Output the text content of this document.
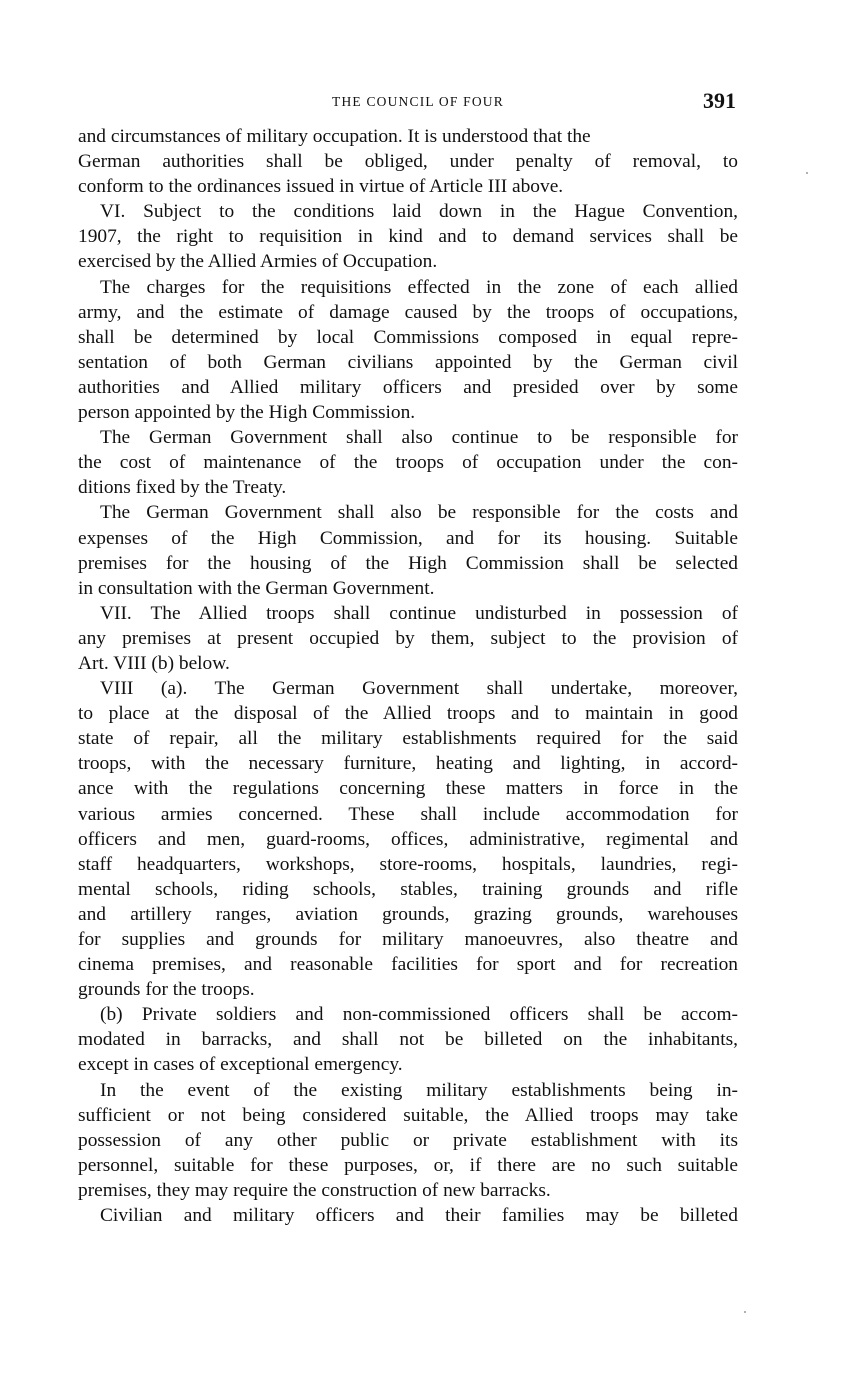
THE COUNCIL OF FOUR	391
and circumstances of military occupation. It is understood that the
German authorities shall be obliged, under penalty of removal, to
conform to the ordinances issued in virtue of Article III above.
VI. Subject to the conditions laid down in the Hague Convention,
1907, the right to requisition in kind and to demand services shall be
exercised by the Allied Armies of Occupation.
The charges for the requisitions effected in the zone of each allied
army, and the estimate of damage caused by the troops of occupations,
shall be determined by local Commissions composed in equal repre-
sentation of both German civilians appointed by the German civil
authorities and Allied military officers and presided over by some
person appointed by the High Commission.
The German Government shall also continue to be responsible for
the cost of maintenance of the troops of occupation under the con-
ditions fixed by the Treaty.
The German Government shall also be responsible for the costs and
expenses of the High Commission, and for its housing. Suitable
premises for the housing of the High Commission shall be selected
in consultation with the German Government.
VII. The Allied troops shall continue undisturbed in possession of
any premises at present occupied by them, subject to the provision of
Art. VIII (b) below.
VIII (a). The German Government shall undertake, moreover,
to place at the disposal of the Allied troops and to maintain in good
state of repair, all the military establishments required for the said
troops, with the necessary furniture, heating and lighting, in accord-
ance with the regulations concerning these matters in force in the
various armies concerned. These shall include accommodation for
officers and men, guard-rooms, offices, administrative, regimental and
staff headquarters, workshops, store-rooms, hospitals, laundries, regi-
mental schools, riding schools, stables, training grounds and rifle
and artillery ranges, aviation grounds, grazing grounds, warehouses
for supplies and grounds for military manoeuvres, also theatre and
cinema premises, and reasonable facilities for sport and for recreation
grounds for the troops.
(b) Private soldiers and non-commissioned officers shall be accom-
modated in barracks, and shall not be billeted on the inhabitants,
except in cases of exceptional emergency.
In the event of the existing military establishments being in-
sufficient or not being considered suitable, the Allied troops may take
possession of any other public or private establishment with its
personnel, suitable for these purposes, or, if there are no such suitable
premises, they may require the construction of new barracks.
Civilian and military officers and their families may be billeted
